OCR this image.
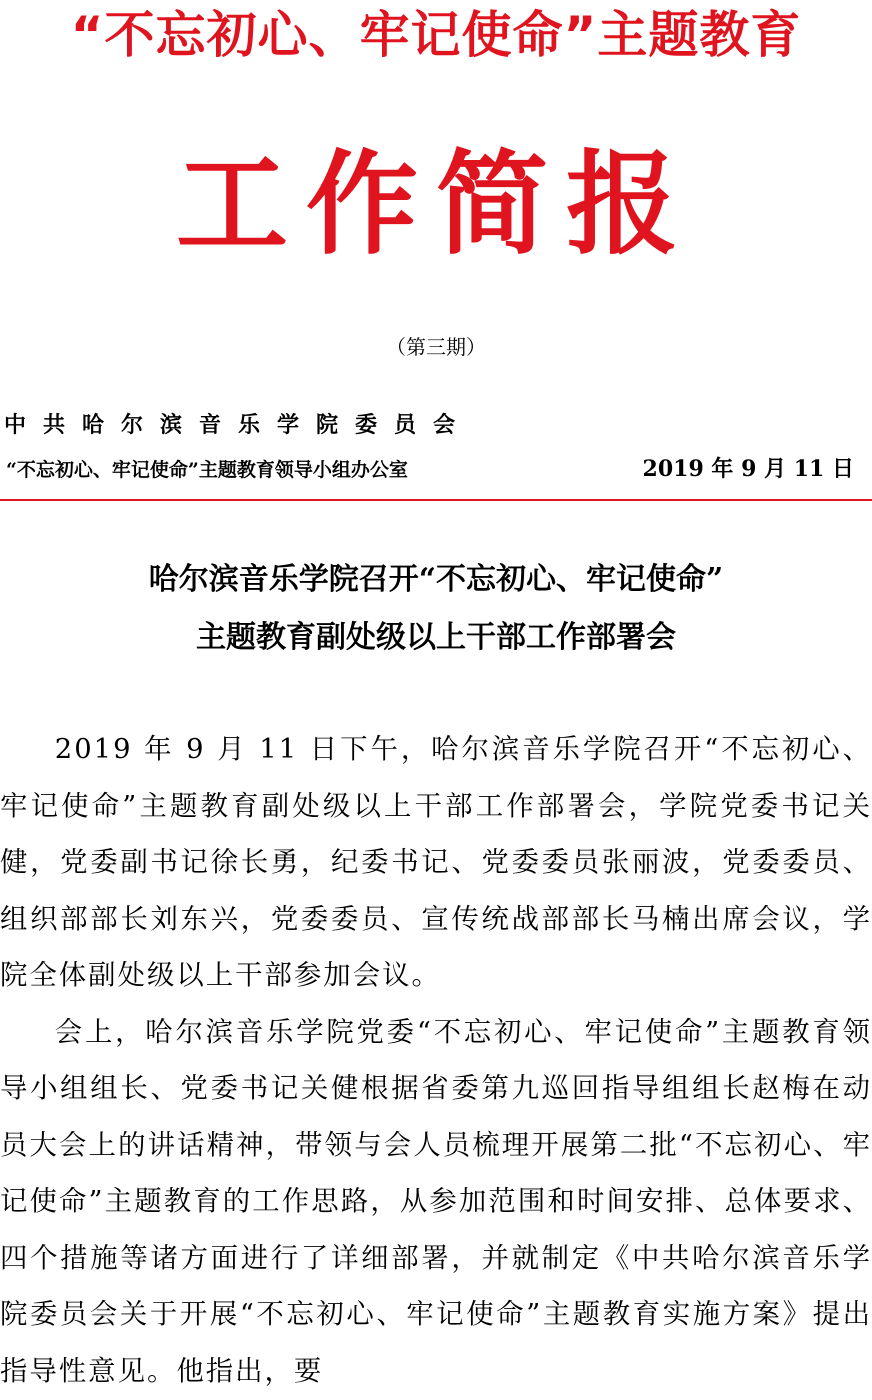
“不忘初心、牢记使命”主题教育
工作简报
（第三期）
中共哈尔滨音乐学院委员会
“不忘初心、牢记使命”主题教育领导小组办公室	2019 年 9 月 11 日
哈尔滨音乐学院召开“不忘初心、牢记使命”
主题教育副处级以上干部工作部署会

2019 年 9 月 11 日下午，哈尔滨音乐学院召开“不忘初心、牢记使命”主题教育副处级以上干部工作部署会，学院党委书记关健，党委副书记徐长勇，纪委书记、党委委员张丽波，党委委员、组织部部长刘东兴，党委委员、宣传统战部部长马楠出席会议，学院全体副处级以上干部参加会议。

会上，哈尔滨音乐学院党委“不忘初心、牢记使命”主题教育领导小组组长、党委书记关健根据省委第九巡回指导组组长赵梅在动员大会上的讲话精神，带领与会人员梳理开展第二批“不忘初心、牢记使命”主题教育的工作思路，从参加范围和时间安排、总体要求、四个措施等诸方面进行了详细部署，并就制定《中共哈尔滨音乐学院委员会关于开展“不忘初心、牢记使命”主题教育实施方案》提出指导性意见。他指出，要
